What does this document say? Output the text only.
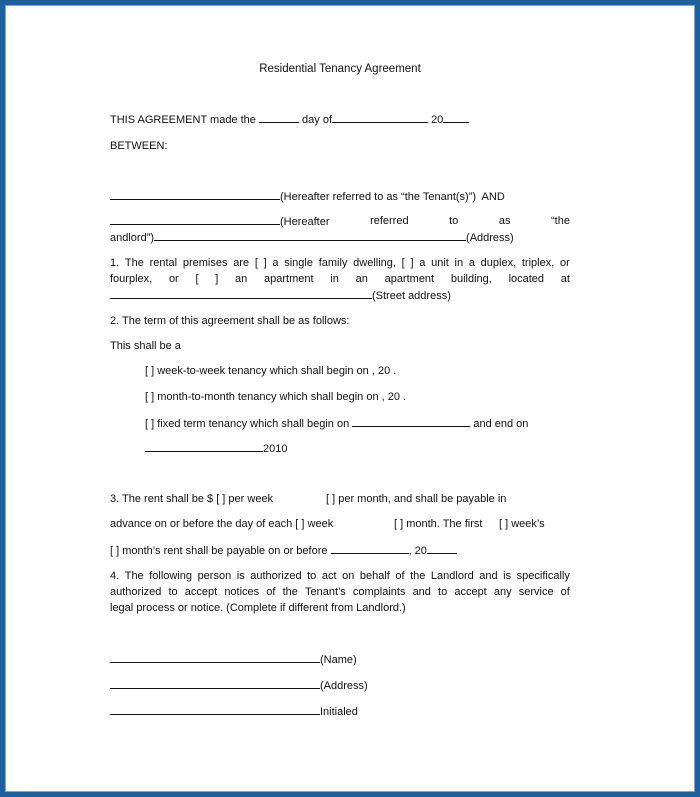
Residential Tenancy Agreement
THIS AGREEMENT made the	day of	20
BETWEEN:
(Hereafter referred to as “the Tenant(s)”)  AND
(Hereafter	referred	to	as	“the
andlord”)	(Address)
1. The rental premises are [ ] a single family dwelling, [ ] a unit in a duplex, triplex, or
fourplex, or [ ] an apartment in an apartment building, located at
(Street address)
2. The term of this agreement shall be as follows:
This shall be a
[ ] week-to-week tenancy which shall begin on , 20 .
[ ] month-to-month tenancy which shall begin on , 20 .
[ ] fixed term tenancy which shall begin on	and end on
2010
3. The rent shall be $ [ ] per week	[ ] per month, and shall be payable in
advance on or before the day of each [ ] week	[ ] month. The first [ ] week’s
[ ] month’s rent shall be payable on or before	, 20
4. The following person is authorized to act on behalf of the Landlord and is specifically
authorized to accept notices of the Tenant’s complaints and to accept any service of
legal process or notice. (Complete if different from Landlord.)
(Name)
(Address)
Initialed
